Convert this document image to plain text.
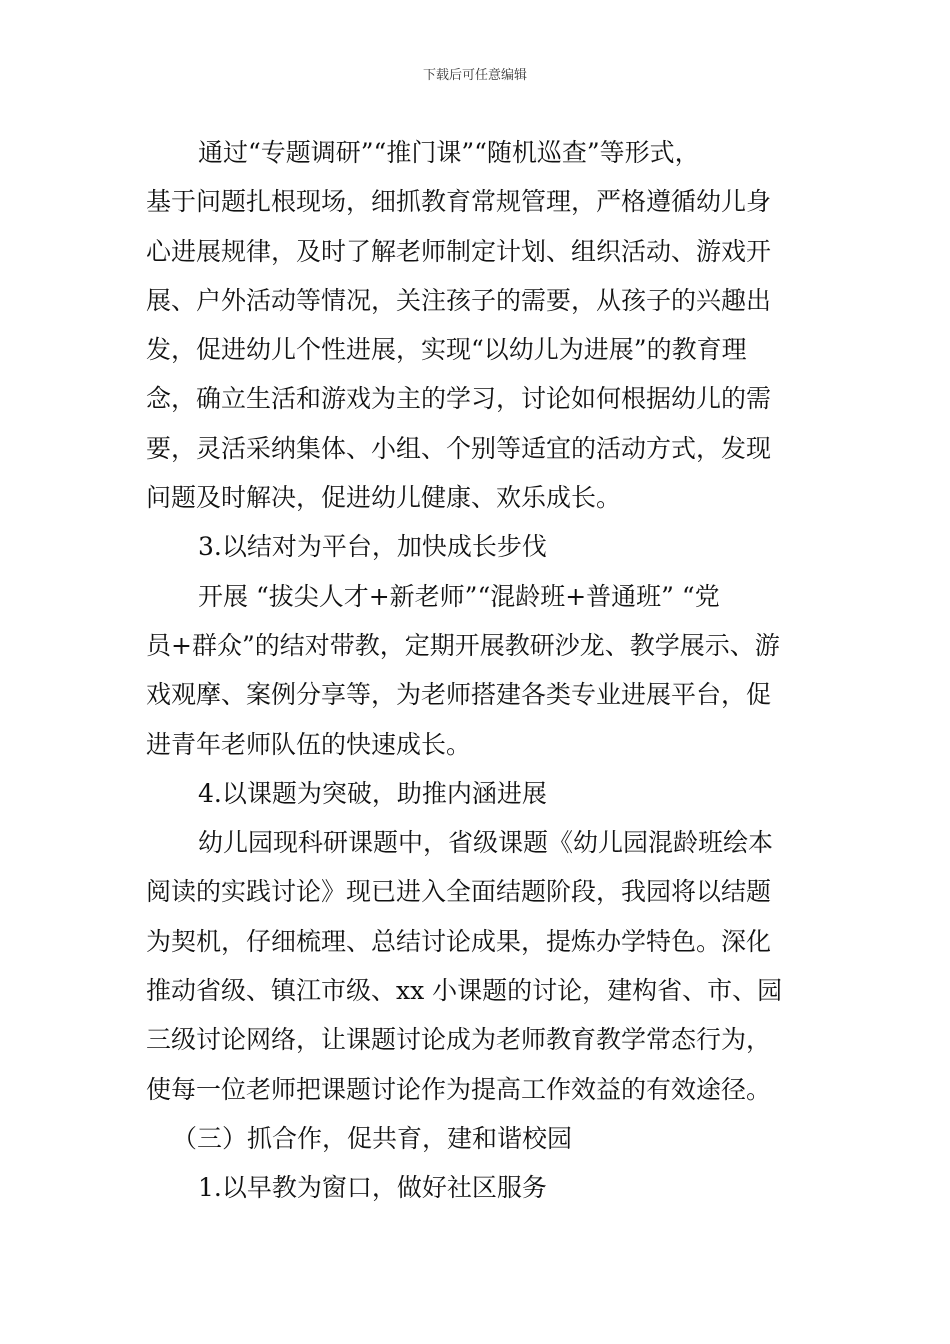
下载后可任意编辑
通过“专题调研”“推门课”“随机巡查”等形式，
基于问题扎根现场，细抓教育常规管理，严格遵循幼儿身
心进展规律，及时了解老师制定计划、组织活动、游戏开
展、户外活动等情况，关注孩子的需要，从孩子的兴趣出
发，促进幼儿个性进展，实现“以幼儿为进展”的教育理
念，确立生活和游戏为主的学习，讨论如何根据幼儿的需
要，灵活采纳集体、小组、个别等适宜的活动方式，发现
问题及时解决，促进幼儿健康、欢乐成长。
3.以结对为平台，加快成长步伐
开展 “拔尖人才+新老师”“混龄班+普通班” “党
员+群众”的结对带教，定期开展教研沙龙、教学展示、游
戏观摩、案例分享等，为老师搭建各类专业进展平台，促
进青年老师队伍的快速成长。
4.以课题为突破，助推内涵进展
幼儿园现科研课题中，省级课题《幼儿园混龄班绘本
阅读的实践讨论》现已进入全面结题阶段，我园将以结题
为契机，仔细梳理、总结讨论成果，提炼办学特色。深化
推动省级、镇江市级、xx 小课题的讨论，建构省、市、园
三级讨论网络，让课题讨论成为老师教育教学常态行为，
使每一位老师把课题讨论作为提高工作效益的有效途径。
（三）抓合作，促共育，建和谐校园
1.以早教为窗口，做好社区服务
